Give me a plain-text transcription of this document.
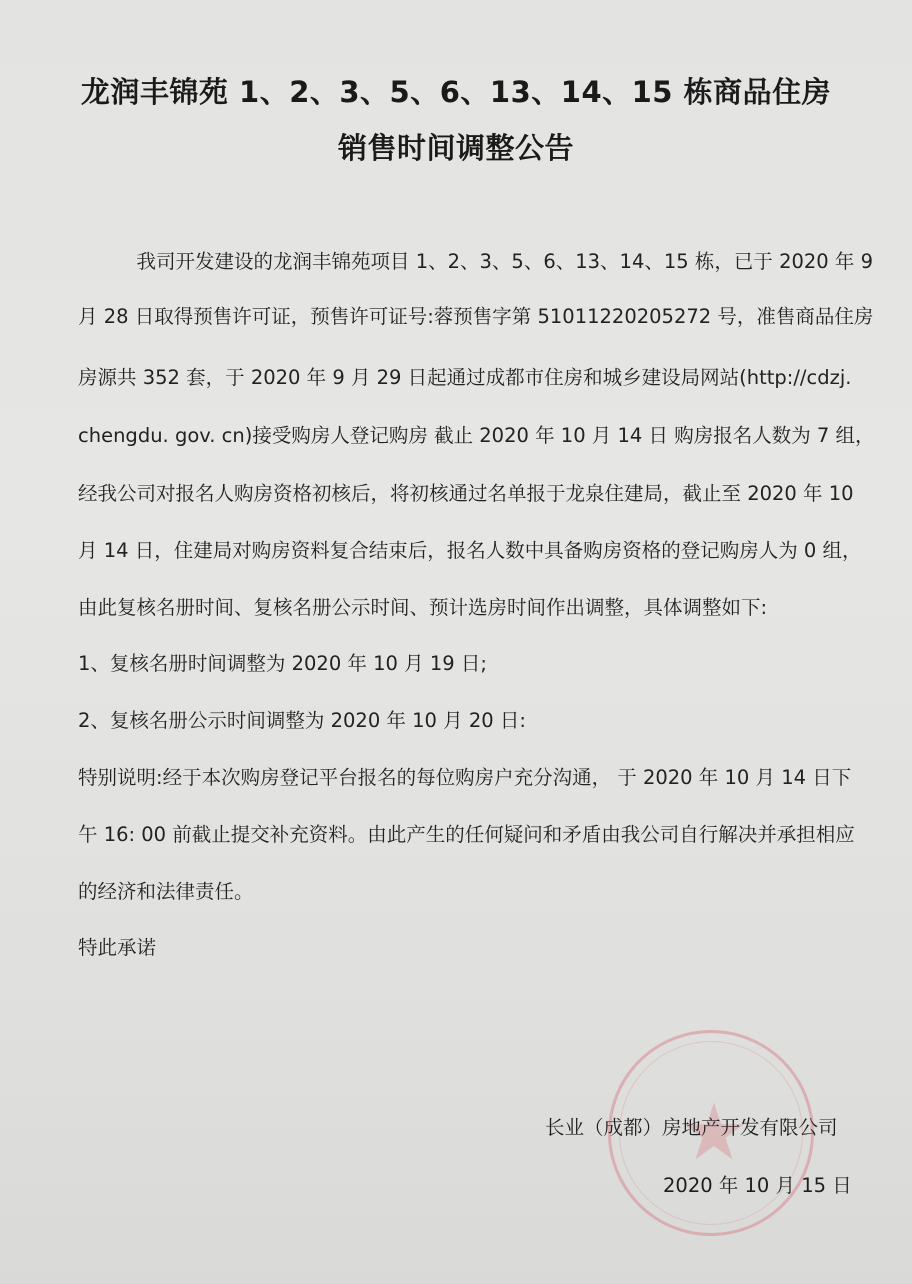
龙润丰锦苑 1、2、3、5、6、13、14、15 栋商品住房
销售时间调整公告
　　　我司开发建设的龙润丰锦苑项目 1、2、3、5、6、13、14、15 栋，已于 2020 年 9
月 28 日取得预售许可证，预售许可证号:蓉预售字第 51011220205272 号，准售商品住房
房源共 352 套，于 2020 年 9 月 29 日起通过成都市住房和城乡建设局网站(http://cdzj.
chengdu. gov. cn)接受购房人登记购房 截止 2020 年 10 月 14 日 购房报名人数为 7 组，
经我公司对报名人购房资格初核后，将初核通过名单报于龙泉住建局，截止至 2020 年 10
月 14 日，住建局对购房资料复合结束后，报名人数中具备购房资格的登记购房人为 0 组，
由此复核名册时间、复核名册公示时间、预计选房时间作出调整，具体调整如下:
1、复核名册时间调整为 2020 年 10 月 19 日;
2、复核名册公示时间调整为 2020 年 10 月 20 日:
特别说明:经于本次购房登记平台报名的每位购房户充分沟通， 于 2020 年 10 月 14 日下
午 16: 00 前截止提交补充资料。由此产生的任何疑问和矛盾由我公司自行解决并承担相应
的经济和法律责任。
特此承诺
★
长业（成都）房地产开发有限公司
2020 年 10 月 15 日
